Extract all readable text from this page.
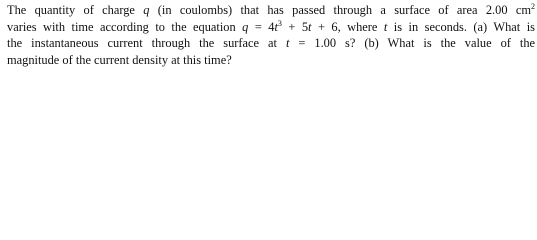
The quantity of charge q (in coulombs) that has passed through a surface of area 2.00 $cm^2$
varies with time according to the equation $q = 4t^3 + 5t + 6$, where t is in seconds. (a) What is
the instantaneous current through the surface at t = 1.00 s? (b) What is the value of the
magnitude of the current density at this time?
